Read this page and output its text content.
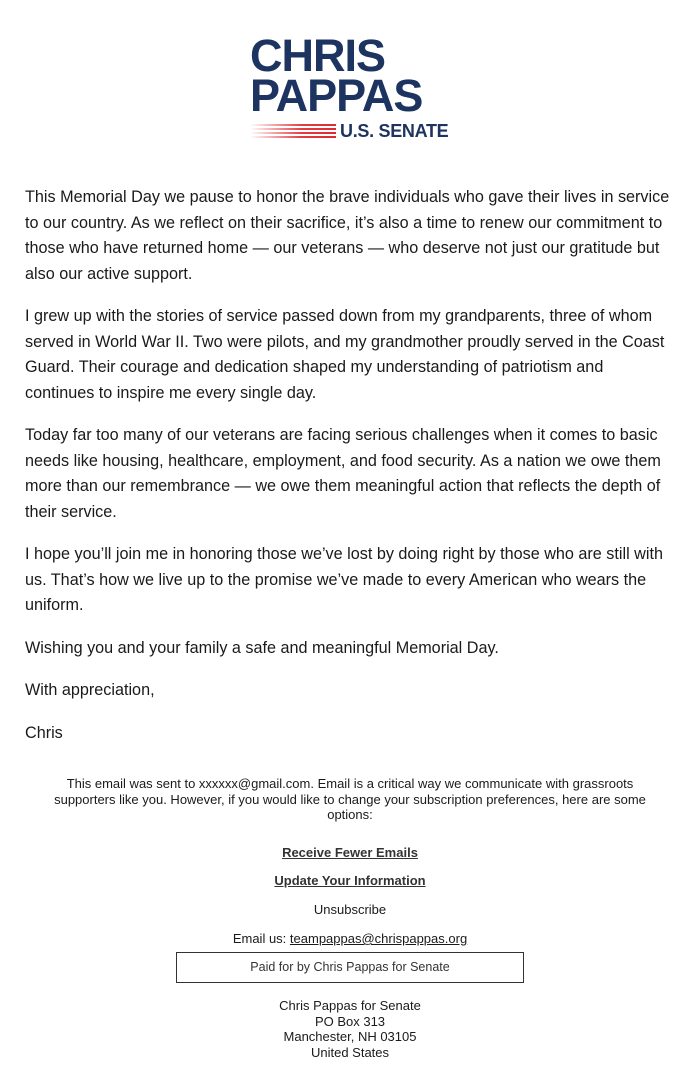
CHRIS
PAPPAS
U.S. SENATE

This Memorial Day we pause to honor the brave individuals who gave their lives in service to our country. As we reflect on their sacrifice, it’s also a time to renew our commitment to those who have returned home — our veterans — who deserve not just our gratitude but also our active support.

I grew up with the stories of service passed down from my grandparents, three of whom served in World War II. Two were pilots, and my grandmother proudly served in the Coast Guard. Their courage and dedication shaped my understanding of patriotism and continues to inspire me every single day.

Today far too many of our veterans are facing serious challenges when it comes to basic needs like housing, healthcare, employment, and food security. As a nation we owe them more than our remembrance — we owe them meaningful action that reflects the depth of their service.

I hope you’ll join me in honoring those we’ve lost by doing right by those who are still with us. That’s how we live up to the promise we’ve made to every American who wears the uniform.

Wishing you and your family a safe and meaningful Memorial Day.

With appreciation,

Chris

This email was sent to xxxxxx@gmail.com. Email is a critical way we communicate with grassroots supporters like you. However, if you would like to change your subscription preferences, here are some options:

Receive Fewer Emails
Update Your Information
Unsubscribe
Email us: teampappas@chrispappas.org
Paid for by Chris Pappas for Senate
Chris Pappas for Senate
PO Box 313
Manchester, NH 03105
United States
